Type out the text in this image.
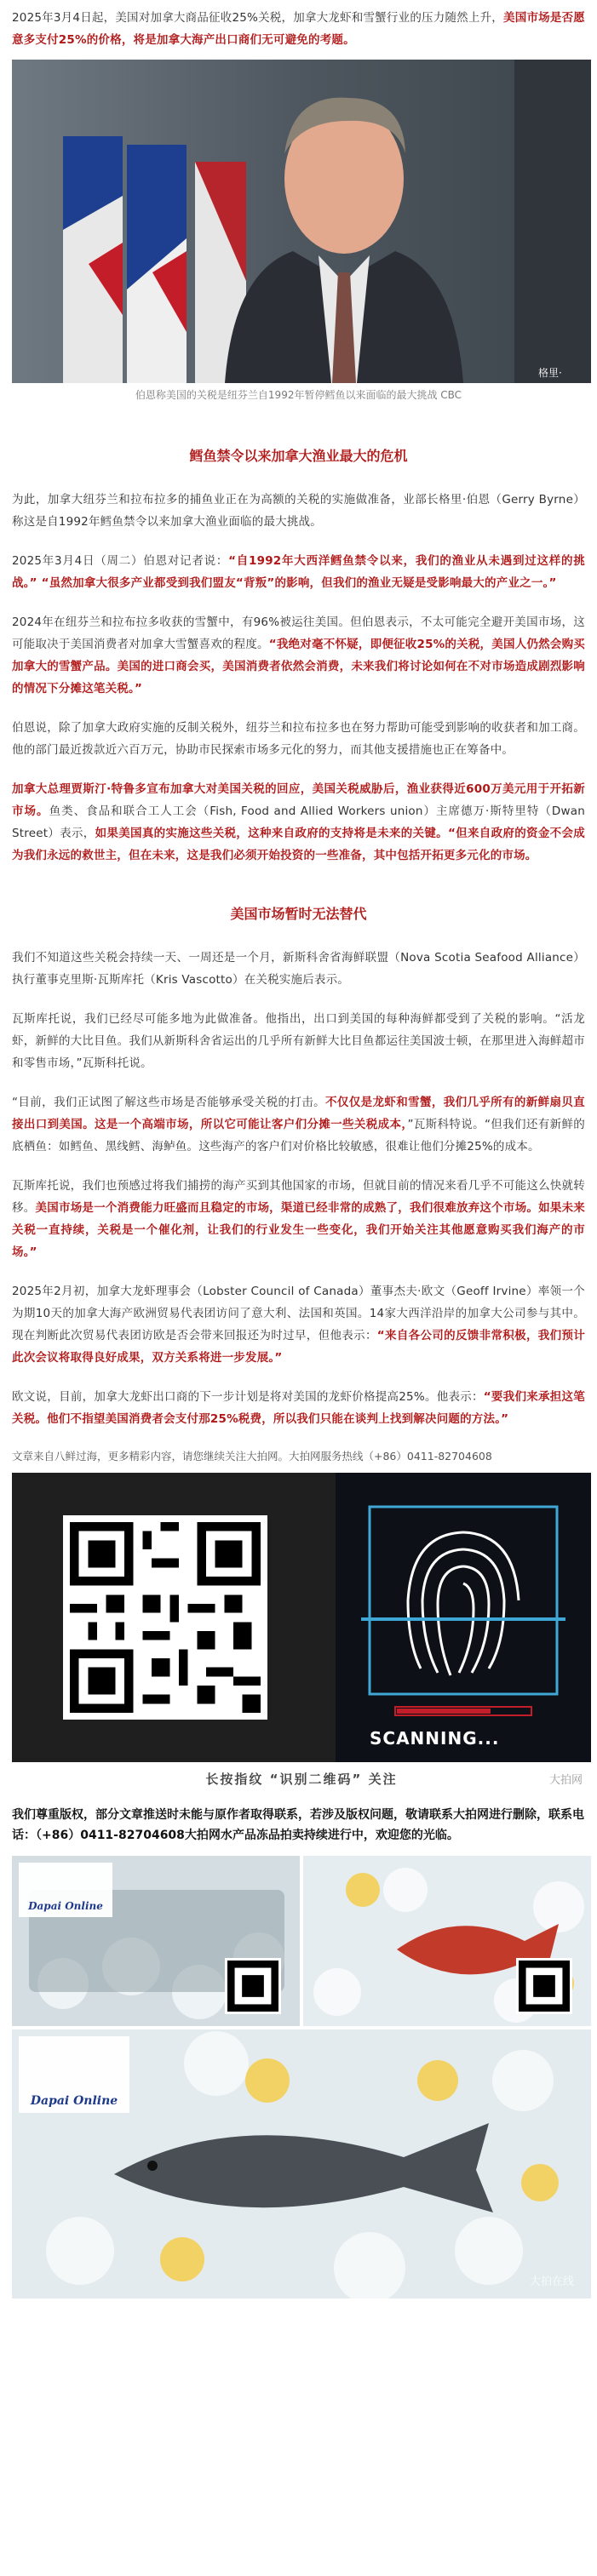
2025年3月4日起，美国对加拿大商品征收25%关税，加拿大龙虾和雪蟹行业的压力随然上升，美国市场是否愿意多支付25%的价格，将是加拿大海产出口商们无可避免的考题。

格里·
伯恩称美国的关税是纽芬兰自1992年暂停鳕鱼以来面临的最大挑战 CBC
鳕鱼禁令以来加拿大渔业最大的危机

为此，加拿大纽芬兰和拉布拉多的捕鱼业正在为高额的关税的实施做准备，业部长格里·伯恩（Gerry Byrne）称这是自1992年鳕鱼禁令以来加拿大渔业面临的最大挑战。

2025年3月4日（周二）伯恩对记者说：“自1992年大西洋鳕鱼禁令以来，我们的渔业从未遇到过这样的挑战。” “虽然加拿大很多产业都受到我们盟友“背叛”的影响，但我们的渔业无疑是受影响最大的产业之一。”

2024年在纽芬兰和拉布拉多收获的雪蟹中，有96%被运往美国。但伯恩表示，不太可能完全避开美国市场，这可能取决于美国消费者对加拿大雪蟹喜欢的程度。“我绝对毫不怀疑，即便征收25%的关税，美国人仍然会购买加拿大的雪蟹产品。美国的进口商会买，美国消费者依然会消费，未来我们将讨论如何在不对市场造成剧烈影响的情况下分摊这笔关税。”

伯恩说，除了加拿大政府实施的反制关税外，纽芬兰和拉布拉多也在努力帮助可能受到影响的收获者和加工商。他的部门最近拨款近六百万元，协助市民探索市场多元化的努力，而其他支援措施也正在筹备中。

加拿大总理贾斯汀·特鲁多宣布加拿大对美国关税的回应，美国关税威胁后，渔业获得近600万美元用于开拓新市场。鱼类、食品和联合工人工会（Fish, Food and Allied Workers union）主席德万·斯特里特（Dwan Street）表示，如果美国真的实施这些关税，这种来自政府的支持将是未来的关键。“但来自政府的资金不会成为我们永远的救世主，但在未来，这是我们必须开始投资的一些准备，其中包括开拓更多元化的市场。

美国市场暂时无法替代

我们不知道这些关税会持续一天、一周还是一个月，新斯科舍省海鲜联盟（Nova Scotia Seafood Alliance）执行董事克里斯·瓦斯库托（Kris Vascotto）在关税实施后表示。

瓦斯库托说，我们已经尽可能多地为此做准备。他指出，出口到美国的每种海鲜都受到了关税的影响。“活龙虾，新鲜的大比目鱼。我们从新斯科舍省运出的几乎所有新鲜大比目鱼都运往美国波士顿，在那里进入海鲜超市和零售市场，”瓦斯科托说。

“目前，我们正试图了解这些市场是否能够承受关税的打击。不仅仅是龙虾和雪蟹，我们几乎所有的新鲜扇贝直接出口到美国。这是一个高端市场，所以它可能让客户们分摊一些关税成本，”瓦斯科特说。“但我们还有新鲜的底栖鱼：如鳕鱼、黑线鳕、海鲈鱼。这些海产的客户们对价格比较敏感，很难让他们分摊25%的成本。

瓦斯库托说，我们也预感过将我们捕捞的海产买到其他国家的市场，但就目前的情况来看几乎不可能这么快就转移。美国市场是一个消费能力旺盛而且稳定的市场，渠道已经非常的成熟了，我们很难放弃这个市场。如果未来关税一直持续，关税是一个催化剂，让我们的行业发生一些变化，我们开始关注其他愿意购买我们海产的市场。”

2025年2月初，加拿大龙虾理事会（Lobster Council of Canada）董事杰夫·欧文（Geoff Irvine）率领一个为期10天的加拿大海产欧洲贸易代表团访问了意大利、法国和英国。14家大西洋沿岸的加拿大公司参与其中。现在判断此次贸易代表团访欧是否会带来回报还为时过早，但他表示：“来自各公司的反馈非常积极，我们预计此次会议将取得良好成果，双方关系将进一步发展。”

欧文说，目前，加拿大龙虾出口商的下一步计划是将对美国的龙虾价格提高25%。他表示：“要我们来承担这笔关税。他们不指望美国消费者会支付那25%税费，所以我们只能在谈判上找到解决问题的方法。”

文章来自八鲜过海，更多精彩内容，请您继续关注大拍网。大拍网服务热线（+86）0411-82704608
SCANNING...
长按指纹 “识别二维码” 关注	大拍网
我们尊重版权，部分文章推送时未能与原作者取得联系，若涉及版权问题，敬请联系大拍网进行删除，联系电话：（+86）0411-82704608大拍网水产品冻品拍卖持续进行中，欢迎您的光临。
Dapai Online
Dapai Online
大拍在线
